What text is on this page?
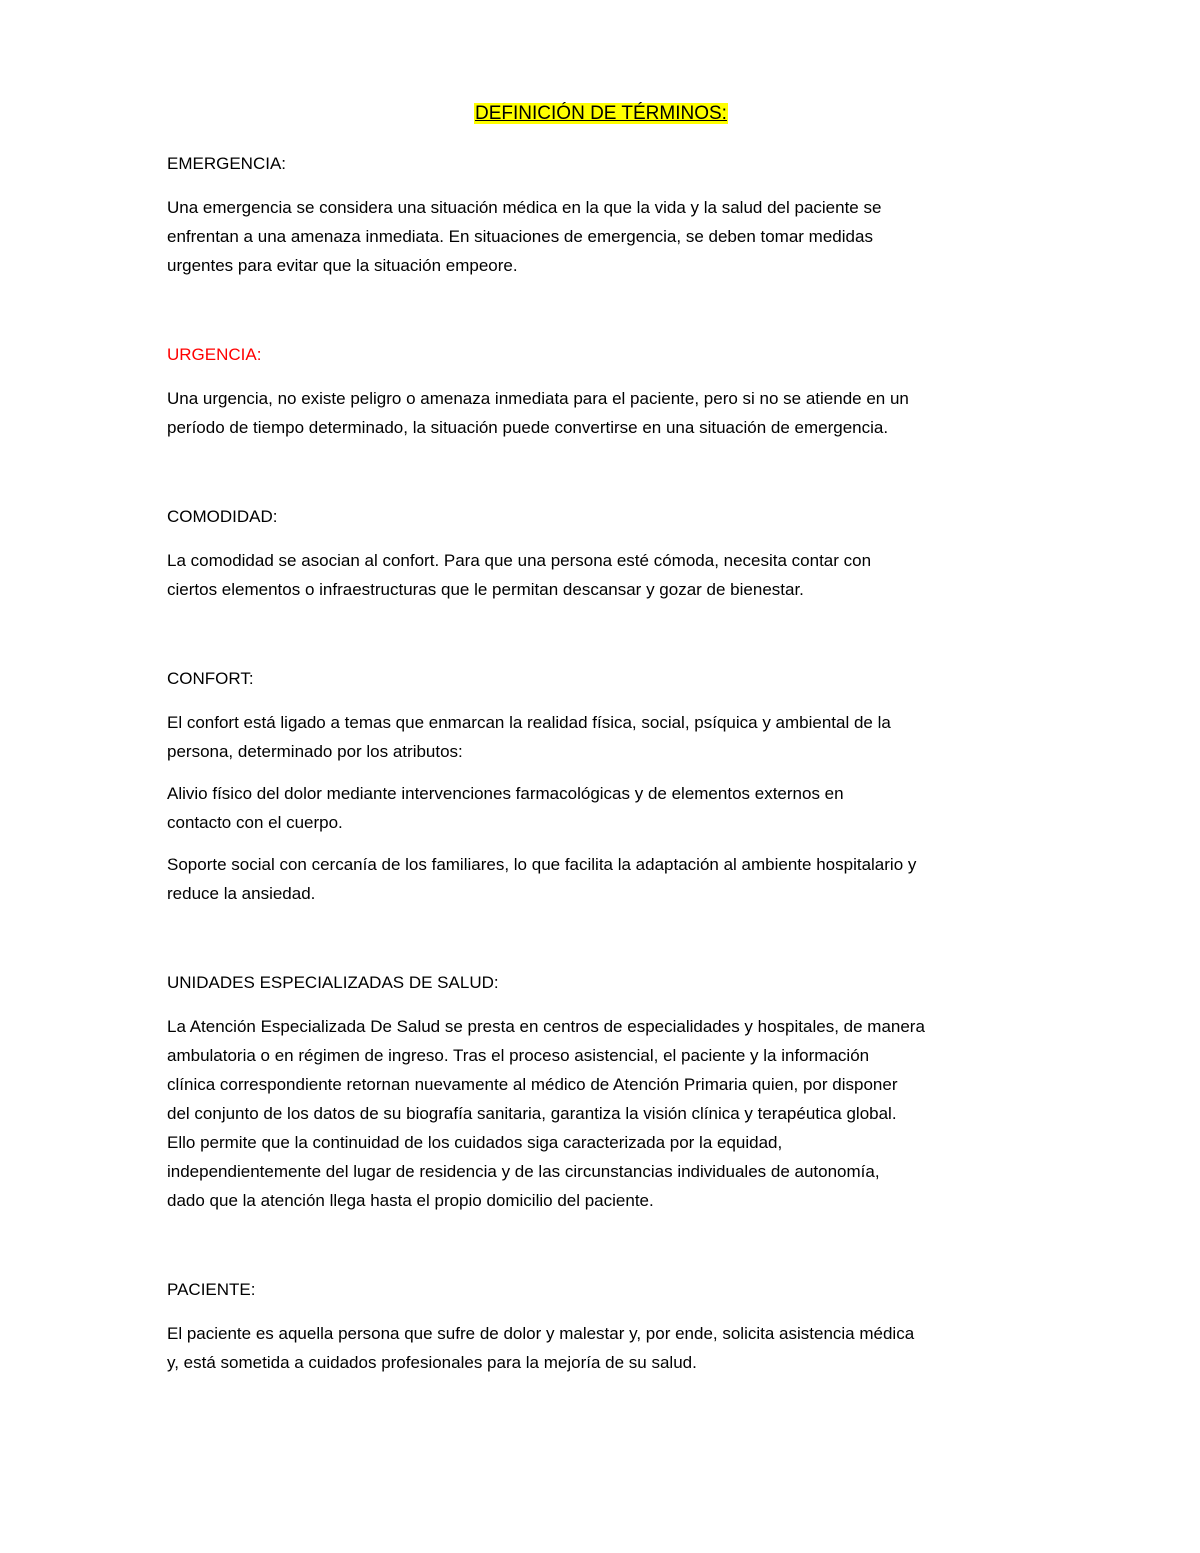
DEFINICIÓN DE TÉRMINOS:
EMERGENCIA:
Una emergencia se considera una situación médica en la que la vida y la salud del paciente se
enfrentan a una amenaza inmediata. En situaciones de emergencia, se deben tomar medidas
urgentes para evitar que la situación empeore.
URGENCIA:
Una urgencia, no existe peligro o amenaza inmediata para el paciente, pero si no se atiende en un
período de tiempo determinado, la situación puede convertirse en una situación de emergencia.
COMODIDAD:
La comodidad se asocian al confort. Para que una persona esté cómoda, necesita contar con
ciertos elementos o infraestructuras que le permitan descansar y gozar de bienestar.
CONFORT:
El confort está ligado a temas que enmarcan la realidad física, social, psíquica y ambiental de la
persona, determinado por los atributos:
Alivio físico del dolor mediante intervenciones farmacológicas y de elementos externos en
contacto con el cuerpo.
Soporte social con cercanía de los familiares, lo que facilita la adaptación al ambiente hospitalario y
reduce la ansiedad.
UNIDADES ESPECIALIZADAS DE SALUD:
La Atención Especializada De Salud se presta en centros de especialidades y hospitales, de manera
ambulatoria o en régimen de ingreso. Tras el proceso asistencial, el paciente y la información
clínica correspondiente retornan nuevamente al médico de Atención Primaria quien, por disponer
del conjunto de los datos de su biografía sanitaria, garantiza la visión clínica y terapéutica global.
Ello permite que la continuidad de los cuidados siga caracterizada por la equidad,
independientemente del lugar de residencia y de las circunstancias individuales de autonomía,
dado que la atención llega hasta el propio domicilio del paciente.
PACIENTE:
El paciente es aquella persona que sufre de dolor y malestar y, por ende, solicita asistencia médica
y, está sometida a cuidados profesionales para la mejoría de su salud.
